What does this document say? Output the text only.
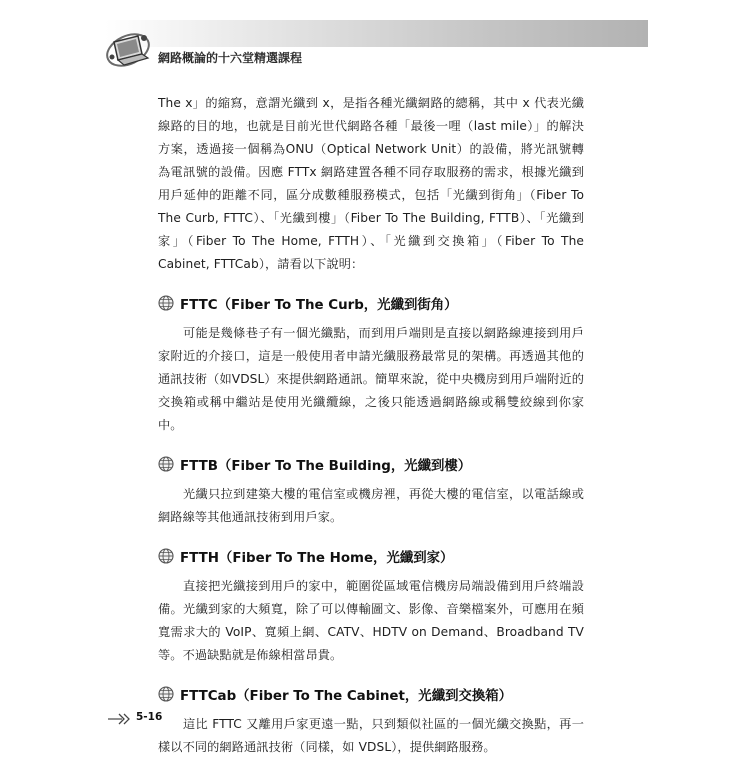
網路概論的十六堂精選課程

The x」的縮寫，意謂光纖到 x，是指各種光纖網路的總稱，其中 x 代表光纖線路的目的地，也就是目前光世代網路各種「最後一哩（last mile）」的解決方案，透過接一個稱為ONU（Optical Network Unit）的設備，將光訊號轉為電訊號的設備。因應 FTTx 網路建置各種不同存取服務的需求，根據光纖到用戶延伸的距離不同，區分成數種服務模式，包括「光纖到街角」（Fiber To The Curb, FTTC）、「光纖到樓」（Fiber To The Building, FTTB）、「光纖到家」（Fiber To The Home, FTTH）、「光纖到交換箱」（Fiber To The Cabinet, FTTCab），請看以下說明：

FTTC（Fiber To The Curb，光纖到街角）

可能是幾條巷子有一個光纖點，而到用戶端則是直接以網路線連接到用戶家附近的介接口，這是一般使用者申請光纖服務最常見的架構。再透過其他的通訊技術（如VDSL）來提供網路通訊。簡單來說，從中央機房到用戶端附近的交換箱或稱中繼站是使用光纖纜線，之後只能透過網路線或稱雙絞線到你家中。

FTTB（Fiber To The Building，光纖到樓）

光纖只拉到建築大樓的電信室或機房裡，再從大樓的電信室，以電話線或網路線等其他通訊技術到用戶家。

FTTH（Fiber To The Home，光纖到家）

直接把光纖接到用戶的家中，範圍從區域電信機房局端設備到用戶終端設備。光纖到家的大頻寬，除了可以傳輸圖文、影像、音樂檔案外，可應用在頻寬需求大的 VoIP、寬頻上網、CATV、HDTV on Demand、Broadband TV 等。不過缺點就是佈線相當昂貴。

FTTCab（Fiber To The Cabinet，光纖到交換箱）

這比 FTTC 又離用戶家更遠一點，只到類似社區的一個光纖交換點，再一樣以不同的網路通訊技術（同樣，如 VDSL），提供網路服務。

5-16
